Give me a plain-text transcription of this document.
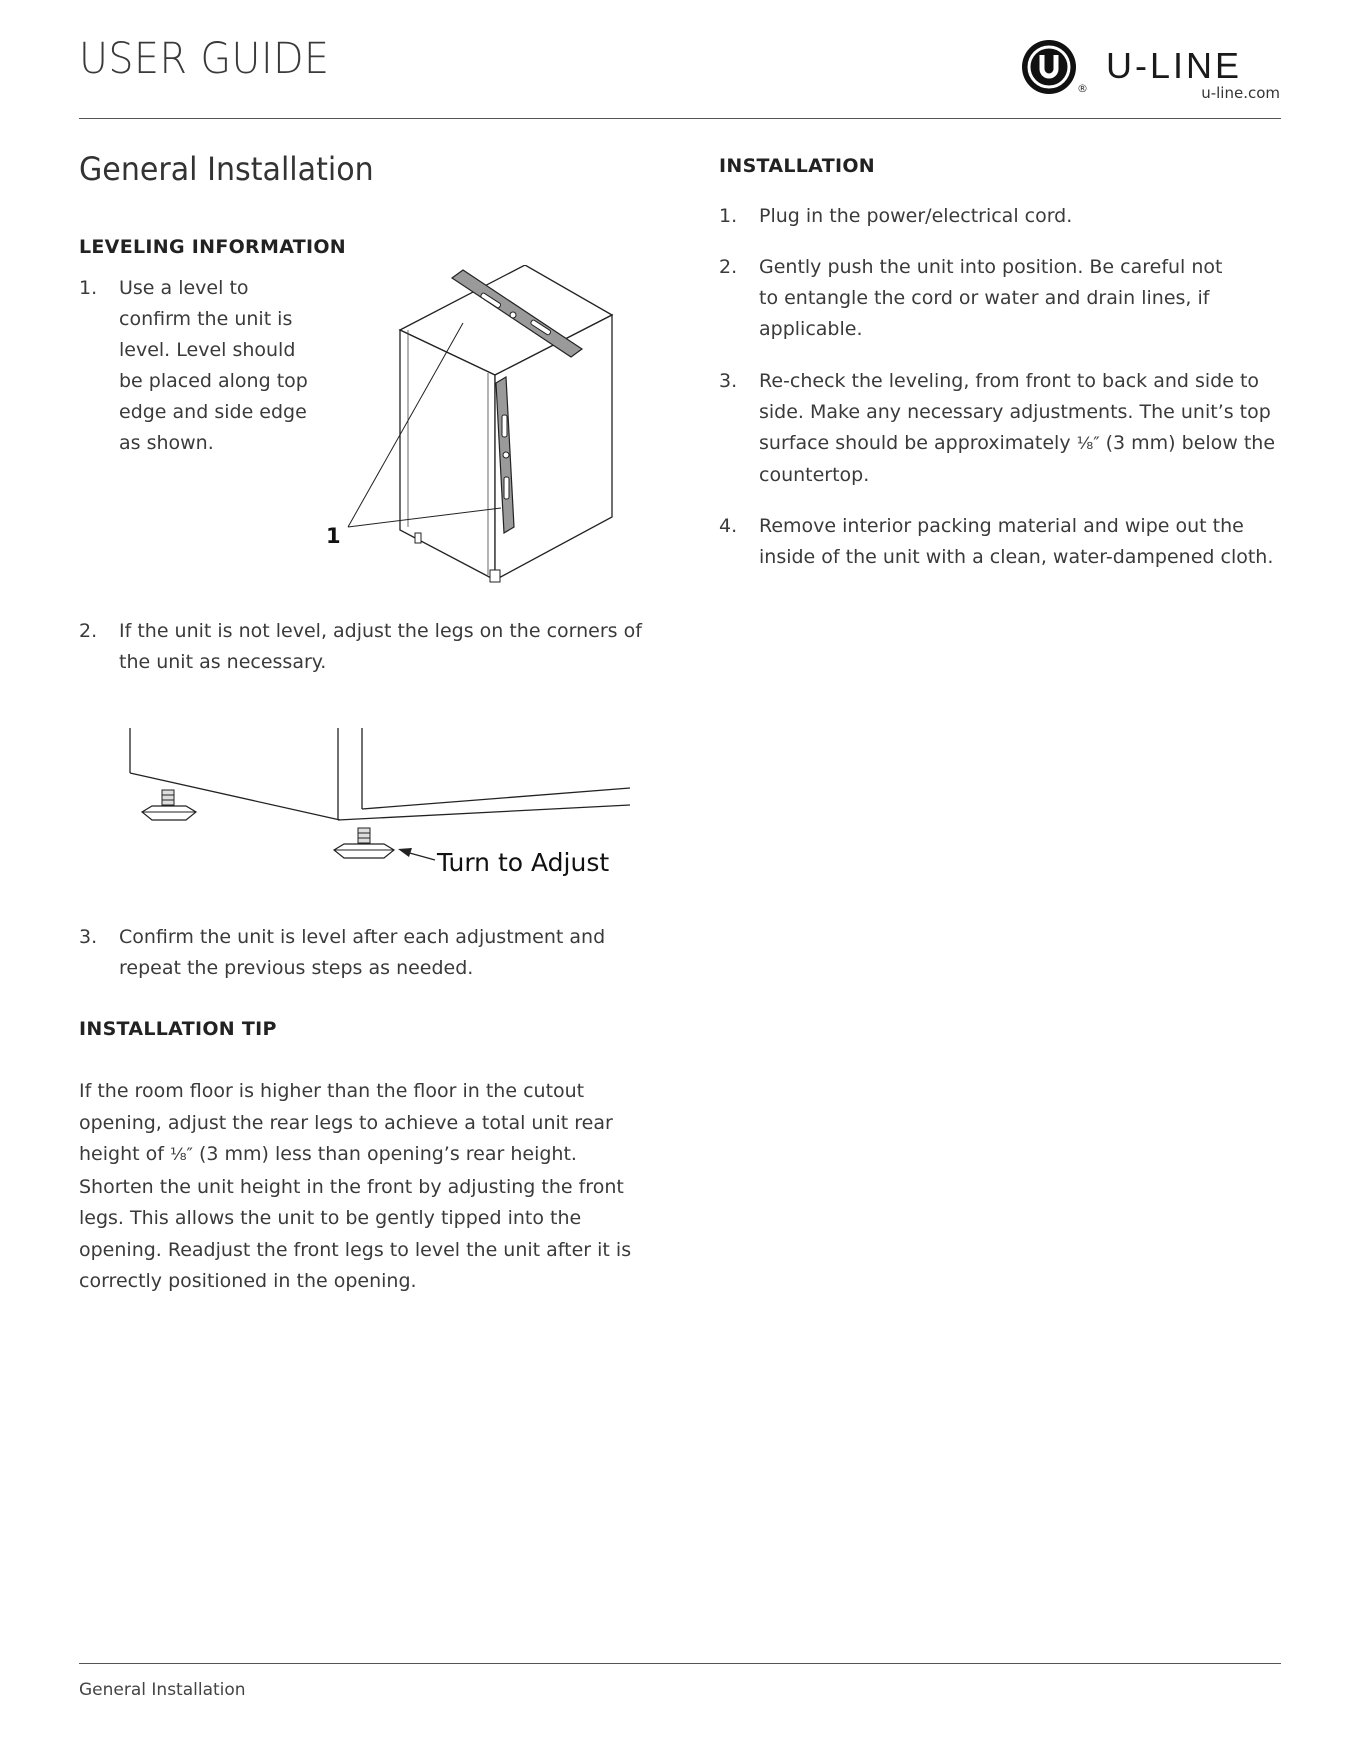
USER GUIDE
®
U-LINE
u-line.com
General Installation
LEVELING INFORMATION
1. Use a level to confirm the unit is level. Level should be placed along top edge and side edge as shown.
1
2. If the unit is not level, adjust the legs on the corners of the unit as necessary.
Turn to Adjust
3. Confirm the unit is level after each adjustment and repeat the previous steps as needed.
INSTALLATION TIP
If the room floor is higher than the floor in the cutout opening, adjust the rear legs to achieve a total unit rear height of ⅛″ (3 mm) less than opening’s rear height. Shorten the unit height in the front by adjusting the front legs. This allows the unit to be gently tipped into the opening. Readjust the front legs to level the unit after it is correctly positioned in the opening.
INSTALLATION
1. Plug in the power/electrical cord.
2. Gently push the unit into position. Be careful not to entangle the cord or water and drain lines, if applicable.
3. Re-check the leveling, from front to back and side to side. Make any necessary adjustments. The unit’s top surface should be approximately ⅛″ (3 mm) below the countertop.
4. Remove interior packing material and wipe out the inside of the unit with a clean, water-dampened cloth.
General Installation
